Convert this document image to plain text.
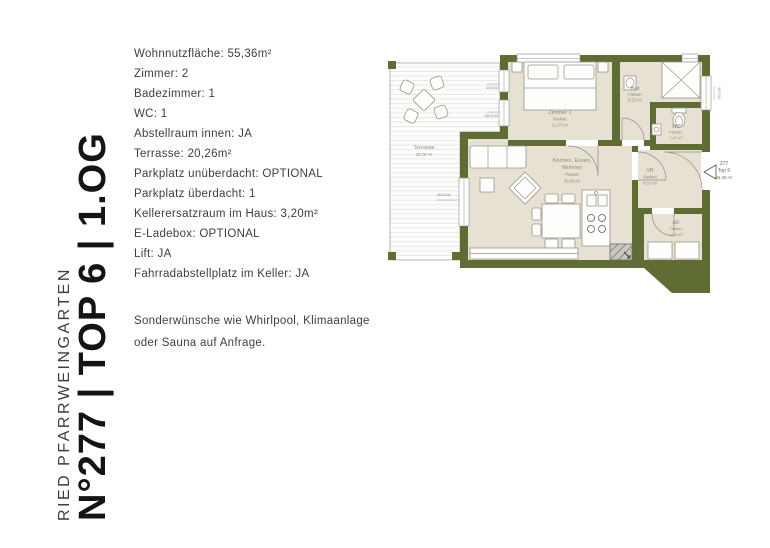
RIED PFARRWEINGARTEN N°277 | TOP 6 | 1.OG
Wohnnutzfläche: 55,36m²
Zimmer: 2
Badezimmer: 1
WC: 1
Abstellraum innen: JA
Terrasse: 20,26m²
Parkplatz unüberdacht: OPTIONAL
Parkplatz überdacht: 1
Kellerersatzraum im Haus: 3,20m²
E-Ladebox: OPTIONAL
Lift: JA
Fahrradabstellplatz im Keller: JA
Sonderwünsche wie Whirlpool, Klimaanlage
oder Sauna auf Anfrage.
Terrasse
20,26 m²
Zimmer 1
Parkett
11,97 m²
Bad
Fliesen
5,52 m²
WC
Fliesen
1,47 m²
Kochen, Essen,
Wohnen
Parkett
29,80 m²
VR
Parkett
4,62 m²
AR
Fliesen
2,18 m²
60/240
180/240
300/240
90/245
277
Top 6
55,36 m²
